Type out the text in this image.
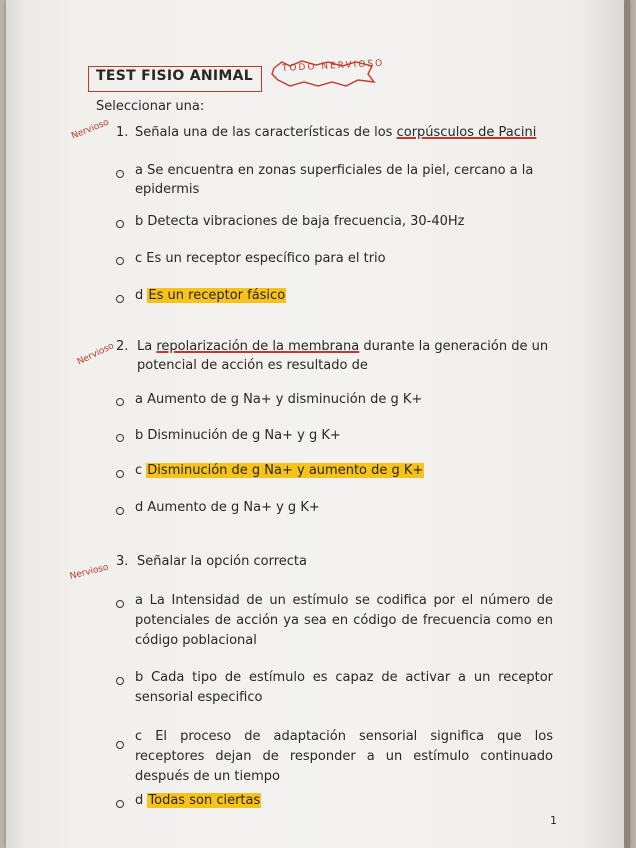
TEST FISIO ANIMAL
TODO NERVIOSO
Seleccionar una:
Nervioso 1. Señala una de las características de los corpúsculos de Pacini
a Se encuentra en zonas superficiales de la piel, cercano a la
epidermis
b Detecta vibraciones de baja frecuencia, 30-40Hz
c Es un receptor específico para el trio
d Es un receptor fásico
Nervioso 2. La repolarización de la membrana durante la generación de un
potencial de acción es resultado de
a Aumento de g Na+ y disminución de g K+
b Disminución de g Na+ y g K+
c Disminución de g Na+ y aumento de g K+
d Aumento de g Na+ y g K+
Nervioso
3. Señalar la opción correcta
a La Intensidad de un estímulo se codifica por el número de potenciales de acción ya sea en código de frecuencia como en código poblacional
b Cada tipo de estímulo es capaz de activar a un receptor sensorial especifico
c El proceso de adaptación sensorial significa que los receptores dejan de responder a un estímulo continuado después de un tiempo
d Todas son ciertas
1
